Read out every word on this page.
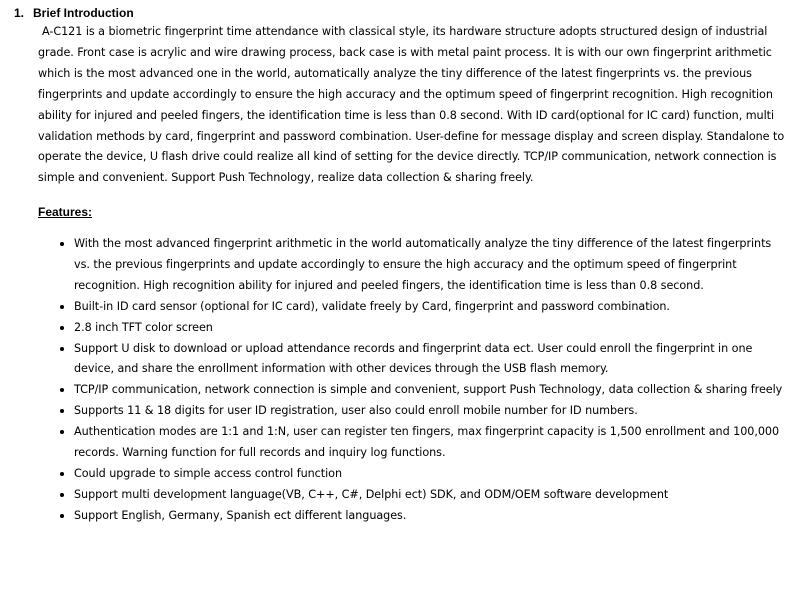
1. Brief Introduction

A-C121 is a biometric fingerprint time attendance with classical style, its hardware structure adopts structured design of industrial grade. Front case is acrylic and wire drawing process, back case is with metal paint process. It is with our own fingerprint arithmetic which is the most advanced one in the world, automatically analyze the tiny difference of the latest fingerprints vs. the previous fingerprints and update accordingly to ensure the high accuracy and the optimum speed of fingerprint recognition. High recognition ability for injured and peeled fingers, the identification time is less than 0.8 second. With ID card(optional for IC card) function, multi validation methods by card, fingerprint and password combination. User-define for message display and screen display. Standalone to operate the device, U flash drive could realize all kind of setting for the device directly. TCP/IP communication, network connection is simple and convenient. Support Push Technology, realize data collection & sharing freely.

Features:
With the most advanced fingerprint arithmetic in the world automatically analyze the tiny difference of the latest fingerprints vs. the previous fingerprints and update accordingly to ensure the high accuracy and the optimum speed of fingerprint recognition. High recognition ability for injured and peeled fingers, the identification time is less than 0.8 second.
Built-in ID card sensor (optional for IC card), validate freely by Card, fingerprint and password combination.
2.8 inch TFT color screen
Support U disk to download or upload attendance records and fingerprint data ect. User could enroll the fingerprint in one device, and share the enrollment information with other devices through the USB flash memory.
TCP/IP communication, network connection is simple and convenient, support Push Technology, data collection & sharing freely
Supports 11 & 18 digits for user ID registration, user also could enroll mobile number for ID numbers.
Authentication modes are 1:1 and 1:N, user can register ten fingers, max fingerprint capacity is 1,500 enrollment and 100,000 records. Warning function for full records and inquiry log functions.
Could upgrade to simple access control function
Support multi development language(VB, C++, C#, Delphi ect) SDK, and ODM/OEM software development
Support English, Germany, Spanish ect different languages.
